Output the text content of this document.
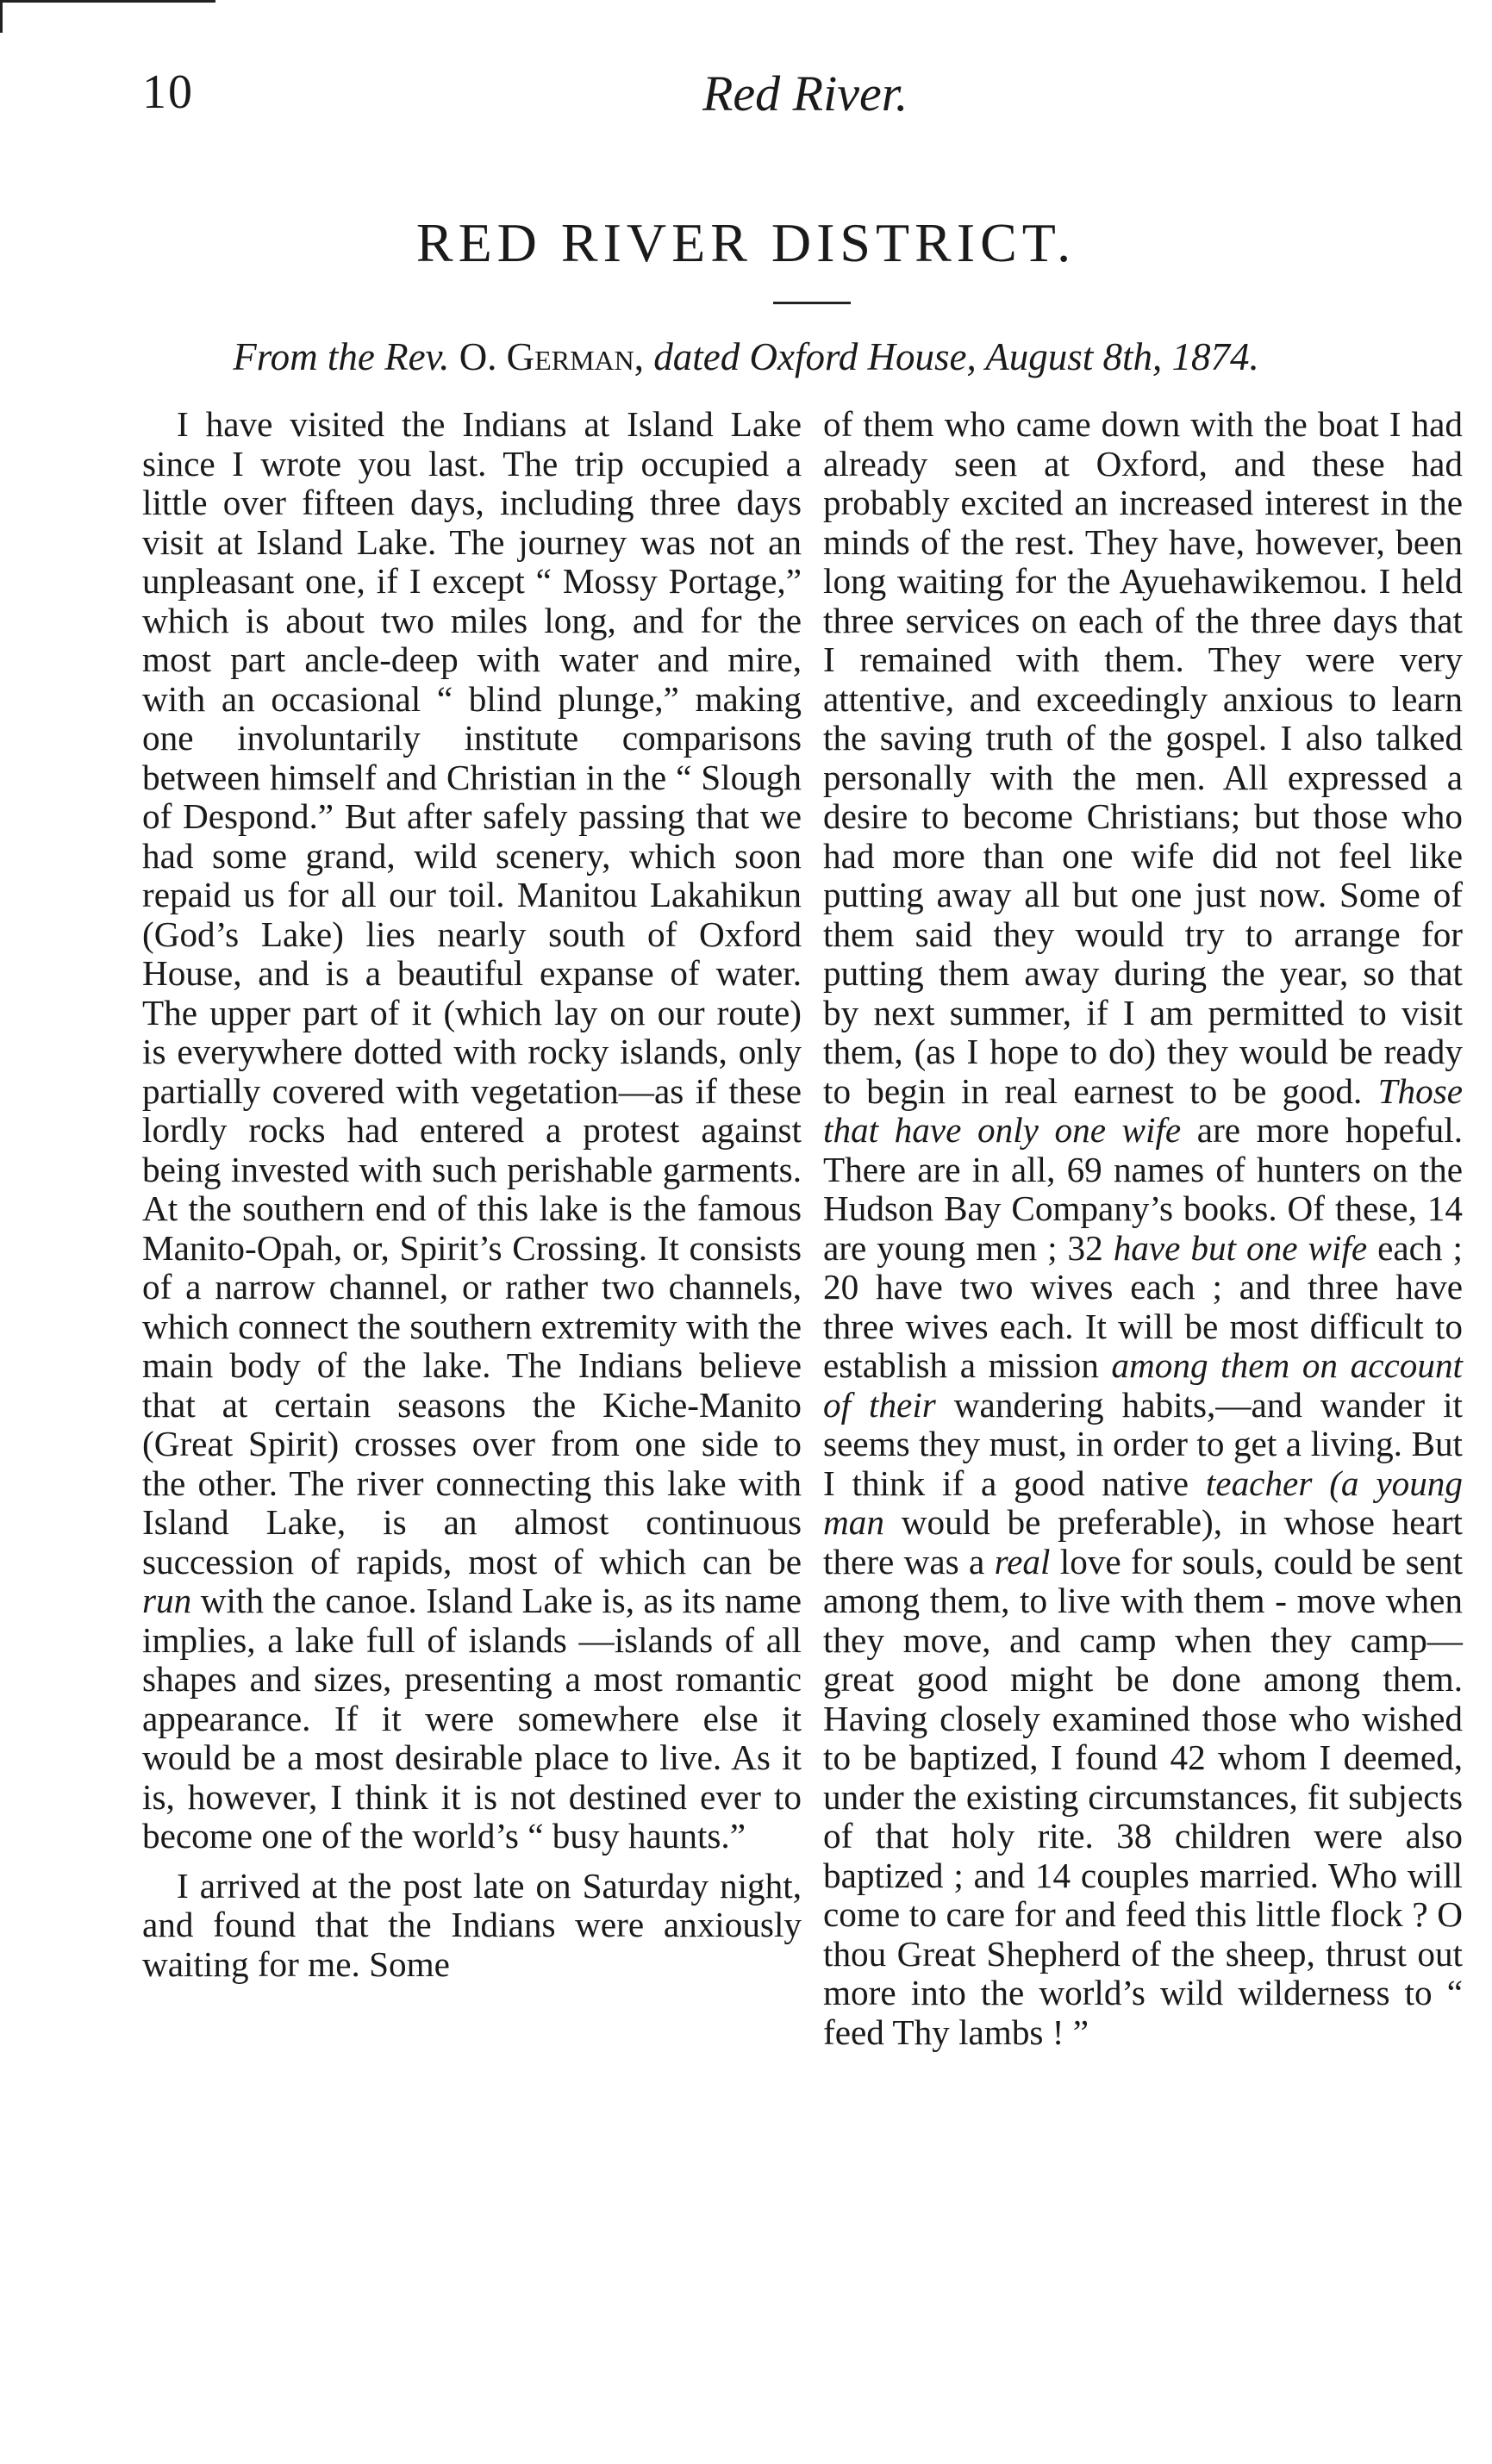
10	Red River.
RED RIVER DISTRICT.
From the Rev. O. German, dated Oxford House, August 8th, 1874.

I have visited the Indians at Island Lake since I wrote you last. The trip occupied a little over fifteen days, including three days visit at Island Lake. The journey was not an unpleasant one, if I except “ Mossy Portage,” which is about two miles long, and for the most part ancle-deep with water and mire, with an occasional “ blind plunge,” making one involuntarily institute comparisons between himself and Christian in the “ Slough of Despond.” But after safely passing that we had some grand, wild scenery, which soon repaid us for all our toil. Manitou Lakahikun (God’s Lake) lies nearly south of Oxford House, and is a beautiful expanse of water. The upper part of it (which lay on our route) is everywhere dotted with rocky islands, only partially covered with vegetation—as if these lordly rocks had entered a protest against being invested with such perishable garments. At the southern end of this lake is the famous Manito-Opah, or, Spirit’s Crossing. It consists of a narrow channel, or rather two channels, which connect the southern extremity with the main body of the lake. The Indians believe that at certain seasons the Kiche-Manito (Great Spirit) crosses over from one side to the other. The river connecting this lake with Island Lake, is an almost continuous succession of rapids, most of which can be run with the canoe. Island Lake is, as its name implies, a lake full of islands —islands of all shapes and sizes, presenting a most romantic appearance. If it were somewhere else it would be a most desirable place to live. As it is, however, I think it is not destined ever to become one of the world’s “ busy haunts.”

I arrived at the post late on Saturday night, and found that the Indians were anxiously waiting for me. Some

of them who came down with the boat I had already seen at Oxford, and these had probably excited an increased interest in the minds of the rest. They have, however, been long waiting for the Ayuehawikemou. I held three services on each of the three days that I remained with them. They were very attentive, and exceedingly anxious to learn the saving truth of the gospel. I also talked personally with the men. All expressed a desire to become Christians; but those who had more than one wife did not feel like putting away all but one just now. Some of them said they would try to arrange for putting them away during the year, so that by next summer, if I am permitted to visit them, (as I hope to do) they would be ready to begin in real earnest to be good. Those that have only one wife are more hopeful. There are in all, 69 names of hunters on the Hudson Bay Company’s books. Of these, 14 are young men ; 32 have but one wife each ; 20 have two wives each ; and three have three wives each. It will be most difficult to establish a mission among them on account of their wandering habits,—and wander it seems they must, in order to get a living. But I think if a good native teacher (a young man would be preferable), in whose heart there was a real love for souls, could be sent among them, to live with them - move when they move, and camp when they camp—great good might be done among them. Having closely examined those who wished to be baptized, I found 42 whom I deemed, under the existing circumstances, fit subjects of that holy rite. 38 children were also baptized ; and 14 couples married. Who will come to care for and feed this little flock ? O thou Great Shepherd of the sheep, thrust out more into the world’s wild wilderness to “ feed Thy lambs ! ”
